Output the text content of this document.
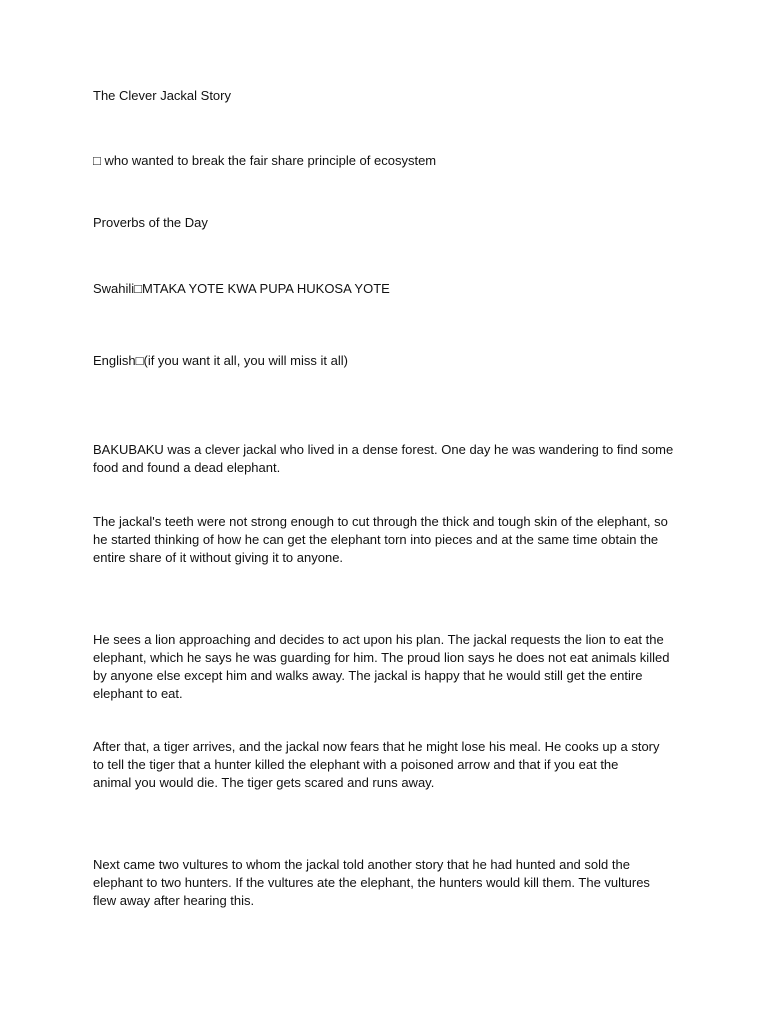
The Clever Jackal Story

□ who wanted to break the fair share principle of ecosystem

Proverbs of the Day

Swahili□MTAKA YOTE KWA PUPA HUKOSA YOTE

English□(if you want it all, you will miss it all)

BAKUBAKU was a clever jackal who lived in a dense forest. One day he was wandering to find some
food and found a dead elephant.
The jackal's teeth were not strong enough to cut through the thick and tough skin of the elephant, so
he started thinking of how he can get the elephant torn into pieces and at the same time obtain the
entire share of it without giving it to anyone.
He sees a lion approaching and decides to act upon his plan. The jackal requests the lion to eat the
elephant, which he says he was guarding for him. The proud lion says he does not eat animals killed
by anyone else except him and walks away. The jackal is happy that he would still get the entire
elephant to eat.
After that, a tiger arrives, and the jackal now fears that he might lose his meal. He cooks up a story
to tell the tiger that a hunter killed the elephant with a poisoned arrow and that if you eat the
animal you would die. The tiger gets scared and runs away.
Next came two vultures to whom the jackal told another story that he had hunted and sold the
elephant to two hunters. If the vultures ate the elephant, the hunters would kill them. The vultures
flew away after hearing this.
